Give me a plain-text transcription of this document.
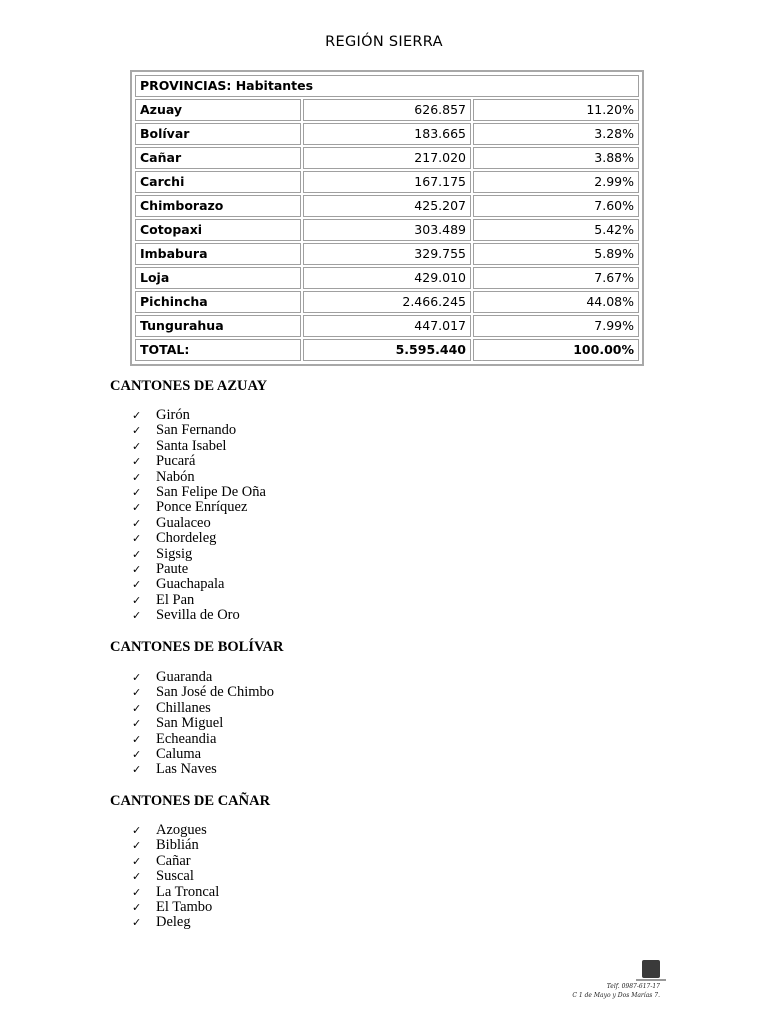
REGIÓN SIERRA
PROVINCIAS: Habitantes		
Azuay	626.857	11.20%
Bolívar	183.665	3.28%
Cañar	217.020	3.88%
Carchi	167.175	2.99%
Chimborazo	425.207	7.60%
Cotopaxi	303.489	5.42%
Imbabura	329.755	5.89%
Loja	429.010	7.67%
Pichincha	2.466.245	44.08%
Tungurahua	447.017	7.99%
TOTAL:	5.595.440	100.00%
CANTONES DE AZUAY
✓ Girón
✓ San Fernando
✓ Santa Isabel
✓ Pucará
✓ Nabón
✓ San Felipe De Oña
✓ Ponce Enríquez
✓ Gualaceo
✓ Chordeleg
✓ Sigsig
✓ Paute
✓ Guachapala
✓ El Pan
✓ Sevilla de Oro
CANTONES DE BOLÍVAR
✓ Guaranda
✓ San José de Chimbo
✓ Chillanes
✓ San Miguel
✓ Echeandia
✓ Caluma
✓ Las Naves
CANTONES DE CAÑAR
✓ Azogues
✓ Biblián
✓ Cañar
✓ Suscal
✓ La Troncal
✓ El Tambo
✓ Deleg
Telf. 0987-617-17
C 1 de Mayo y Dos Marías 7.
